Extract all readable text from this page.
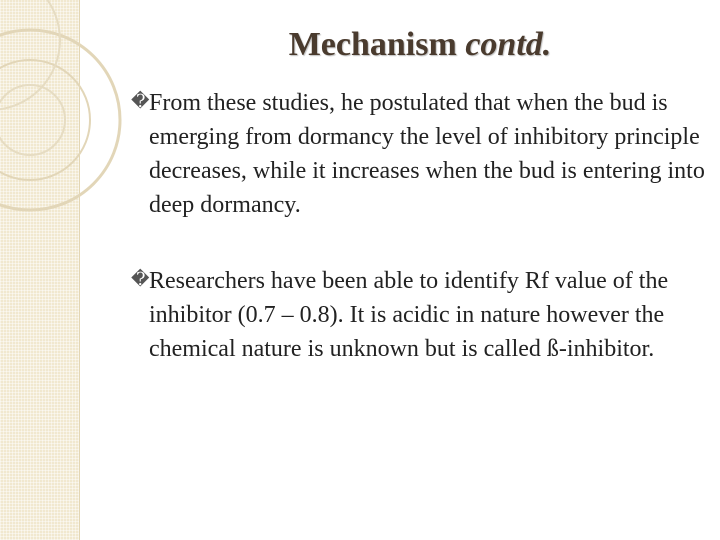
Mechanism contd.
�From these studies, he postulated that when the bud is emerging from dormancy the level of inhibitory principle decreases, while it increases when the bud is entering into deep dormancy.
�Researchers have been able to identify Rf value of the inhibitor (0.7 – 0.8). It is acidic in nature however the chemical nature is unknown but is called ß-inhibitor.
